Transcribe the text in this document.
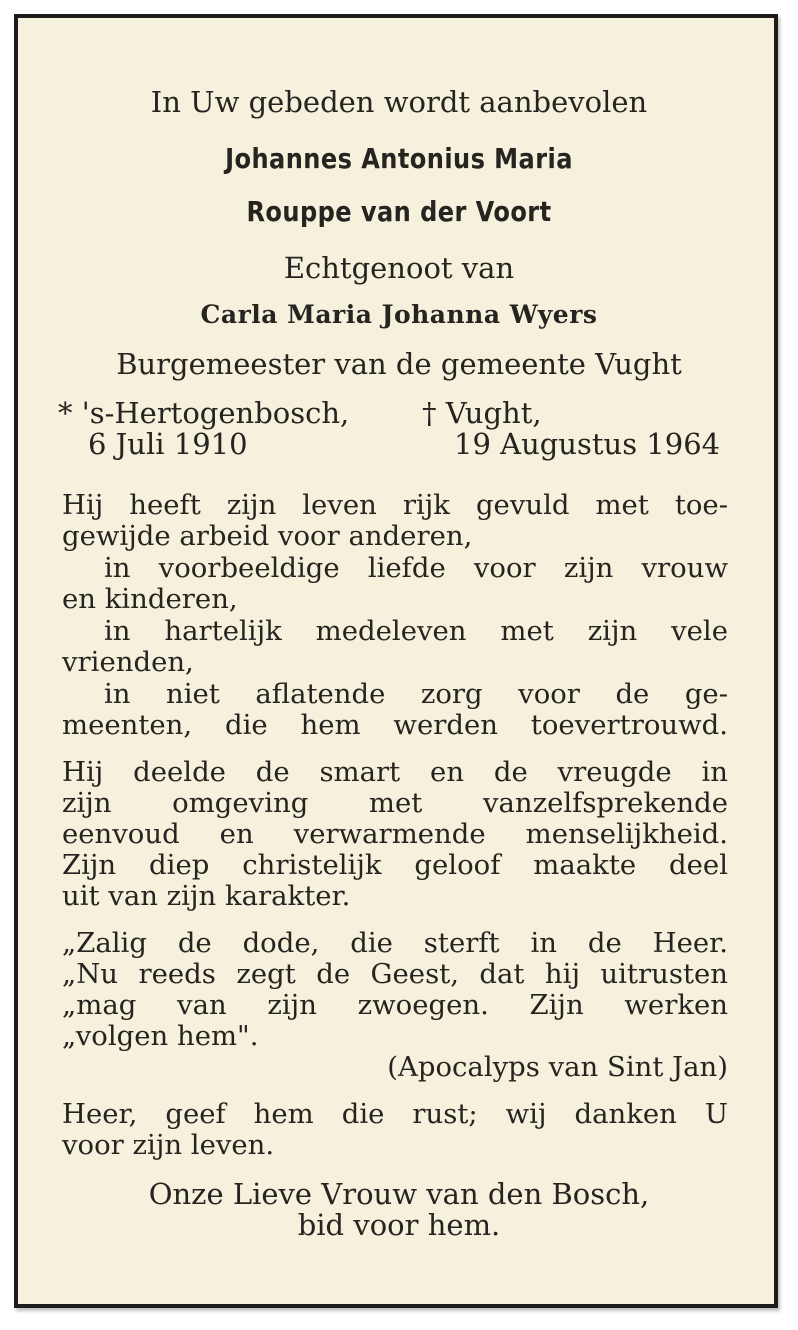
In Uw gebeden wordt aanbevolen
Johannes Antonius Maria
Rouppe van der Voort
Echtgenoot van
Carla Maria Johanna Wyers
Burgemeester van de gemeente Vught
* 's-Hertogenbosch,
6 Juli 1910
† Vught,
19 Augustus 1964
Hij heeft zijn leven rijk gevuld met toe-
gewijde arbeid voor anderen,
in voorbeeldige liefde voor zijn vrouw
en kinderen,
in hartelijk medeleven met zijn vele
vrienden,
in niet aflatende zorg voor de ge-
meenten, die hem werden toevertrouwd.
Hij deelde de smart en de vreugde in
zijn omgeving met vanzelfsprekende
eenvoud en verwarmende menselijkheid.
Zijn diep christelijk geloof maakte deel
uit van zijn karakter.
„Zalig de dode, die sterft in de Heer.
„Nu reeds zegt de Geest, dat hij uitrusten
„mag van zijn zwoegen. Zijn werken
„volgen hem".
(Apocalyps van Sint Jan)
Heer, geef hem die rust; wij danken U
voor zijn leven.
Onze Lieve Vrouw van den Bosch,
bid voor hem.
